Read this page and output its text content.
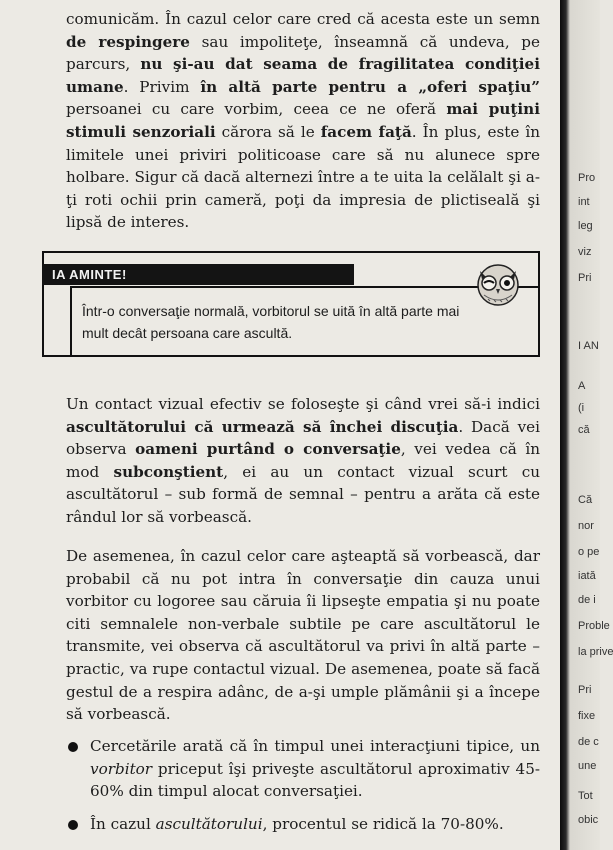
comunicăm. În cazul celor care cred că acesta este un semn de respingere sau impoliteţe, înseamnă că undeva, pe parcurs, nu şi-au dat seama de fragilitatea condiţiei umane. Privim în altă parte pentru a „oferi spaţiu” persoanei cu care vorbim, ceea ce ne oferă mai puţini stimuli senzoriali cărora să le facem faţă. În plus, este în limitele unei priviri politicoase care să nu alunece spre holbare. Sigur că dacă alternezi între a te uita la celălalt şi a-ţi roti ochii prin cameră, poţi da impresia de plictiseală şi lipsă de interes.

IA AMINTE!
Într-o conversaţie normală, vorbitorul se uită în altă parte mai mult decât persoana care ascultă.

Un contact vizual efectiv se foloseşte şi când vrei să-i indici ascultătorului că urmează să închei discuţia. Dacă vei observa oameni purtând o conversaţie, vei vedea că în mod subconştient, ei au un contact vizual scurt cu ascultătorul – sub formă de semnal – pentru a arăta că este rândul lor să vorbească.

De asemenea, în cazul celor care aşteaptă să vorbească, dar probabil că nu pot intra în conversaţie din cauza unui vorbitor cu logoree sau căruia îi lipseşte empatia şi nu poate citi semnalele non-verbale subtile pe care ascultătorul le transmite, vei observa că ascultătorul va privi în altă parte – practic, va rupe contactul vizual. De asemenea, poate să facă gestul de a respira adânc, de a-şi umple plămânii şi a începe să vorbească.

Cercetările arată că în timpul unei interacţiuni tipice, un vorbitor priceput îşi priveşte ascultătorul aproximativ 45-60% din timpul alocat conversaţiei.
În cazul ascultătorului, procentul se ridică la 70-80%.
Pro
int
leg
viz
Pri
I AN
A
(i
că
Că
nor
o pe
iată
de i
Proble
la prive
Pri
fixe
de c
une
Tot
obic
